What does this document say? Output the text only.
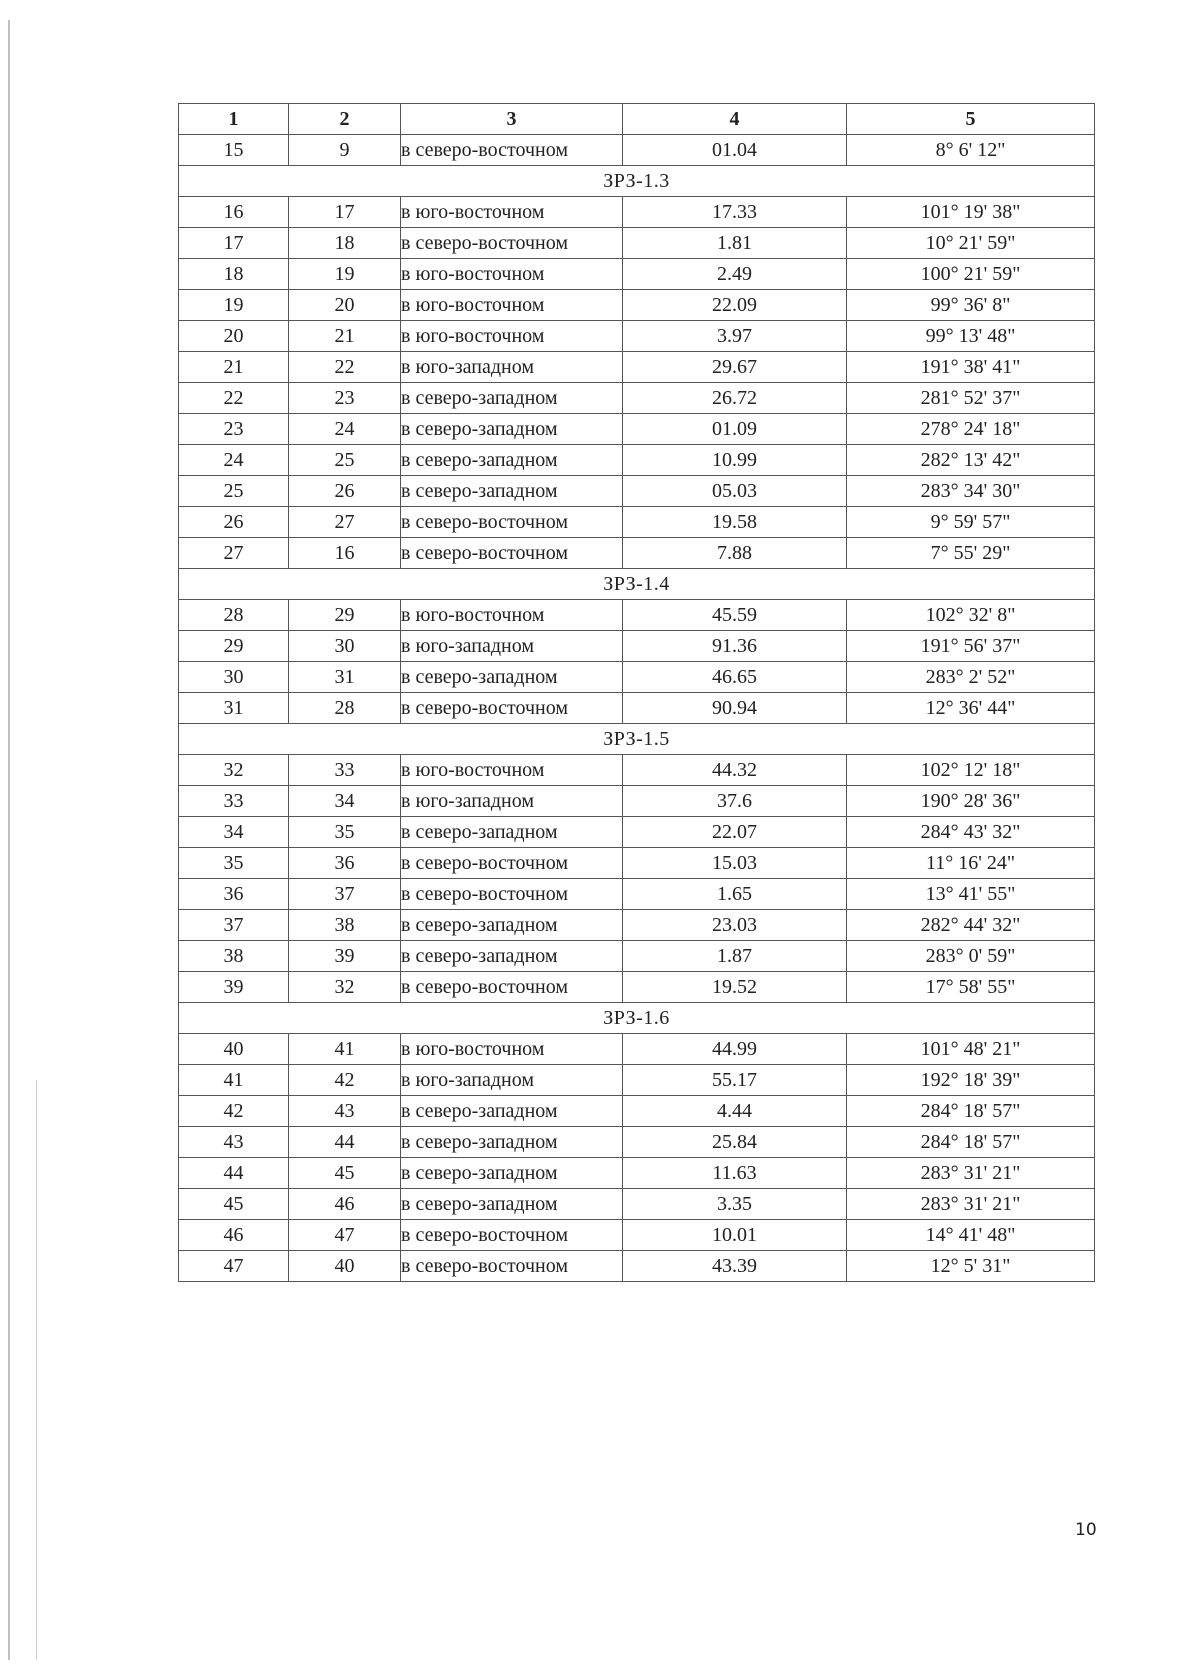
1	2	3	4	5
15	9	в северо-восточном	01.04	8° 6' 12"
ЗРЗ-1.3				
16	17	в юго-восточном	17.33	101° 19' 38"
17	18	в северо-восточном	1.81	10° 21' 59"
18	19	в юго-восточном	2.49	100° 21' 59"
19	20	в юго-восточном	22.09	99° 36' 8"
20	21	в юго-восточном	3.97	99° 13' 48"
21	22	в юго-западном	29.67	191° 38' 41"
22	23	в северо-западном	26.72	281° 52' 37"
23	24	в северо-западном	01.09	278° 24' 18"
24	25	в северо-западном	10.99	282° 13' 42"
25	26	в северо-западном	05.03	283° 34' 30"
26	27	в северо-восточном	19.58	9° 59' 57"
27	16	в северо-восточном	7.88	7° 55' 29"
ЗРЗ-1.4				
28	29	в юго-восточном	45.59	102° 32' 8"
29	30	в юго-западном	91.36	191° 56' 37"
30	31	в северо-западном	46.65	283° 2' 52"
31	28	в северо-восточном	90.94	12° 36' 44"
ЗРЗ-1.5				
32	33	в юго-восточном	44.32	102° 12' 18"
33	34	в юго-западном	37.6	190° 28' 36"
34	35	в северо-западном	22.07	284° 43' 32"
35	36	в северо-восточном	15.03	11° 16' 24"
36	37	в северо-восточном	1.65	13° 41' 55"
37	38	в северо-западном	23.03	282° 44' 32"
38	39	в северо-западном	1.87	283° 0' 59"
39	32	в северо-восточном	19.52	17° 58' 55"
ЗРЗ-1.6				
40	41	в юго-восточном	44.99	101° 48' 21"
41	42	в юго-западном	55.17	192° 18' 39"
42	43	в северо-западном	4.44	284° 18' 57"
43	44	в северо-западном	25.84	284° 18' 57"
44	45	в северо-западном	11.63	283° 31' 21"
45	46	в северо-западном	3.35	283° 31' 21"
46	47	в северо-восточном	10.01	14° 41' 48"
47	40	в северо-восточном	43.39	12° 5' 31"
10
